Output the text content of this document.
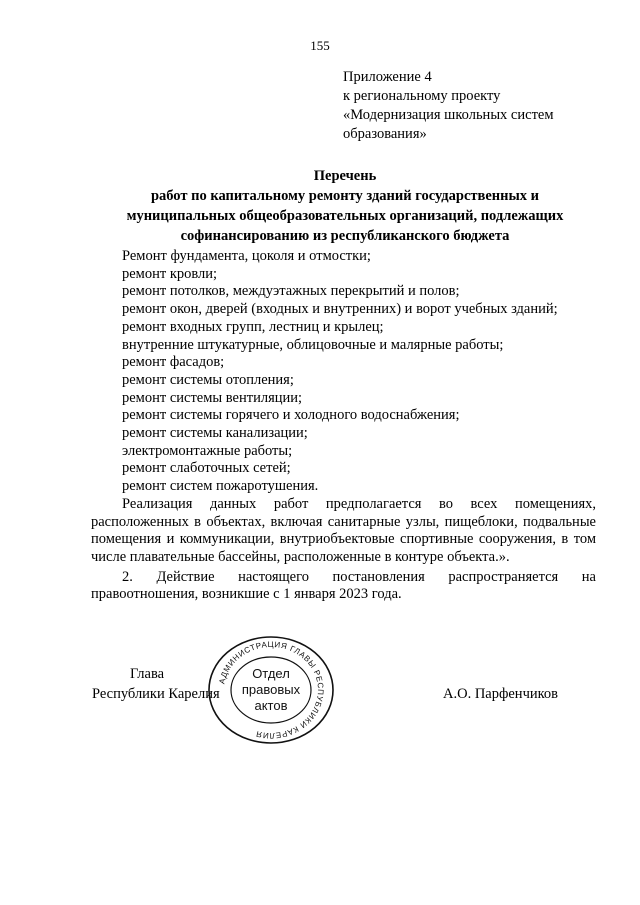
155
Приложение 4
к региональному проекту
«Модернизация школьных систем
образования»
Перечень
работ по капитальному ремонту зданий государственных и
муниципальных общеобразовательных организаций, подлежащих
софинансированию из республиканского бюджета
Ремонт фундамента, цоколя и отмостки;
ремонт кровли;
ремонт потолков, междуэтажных перекрытий и полов;
ремонт окон, дверей (входных и внутренних) и ворот учебных зданий;
ремонт входных групп, лестниц и крылец;
внутренние штукатурные, облицовочные и малярные работы;
ремонт фасадов;
ремонт системы отопления;
ремонт системы вентиляции;
ремонт системы горячего и холодного водоснабжения;
ремонт системы канализации;
электромонтажные работы;
ремонт слаботочных сетей;
ремонт систем пожаротушения.

Реализация данных работ предполагается во всех помещениях, расположенных в объектах, включая санитарные узлы, пищеблоки, подвальные помещения и коммуникации, внутриобъектовые спортивные сооружения, в том числе плавательные бассейны, расположенные в контуре объекта.».

2. Действие настоящего постановления распространяется на правоотношения, возникшие с 1 января 2023 года.

Глава
Республики Карелия	А.О. Парфенчиков
АДМИНИСТРАЦИЯ ГЛАВЫ РЕСПУБЛИКИ КАРЕЛИЯ
Отдел
правовых
актов
